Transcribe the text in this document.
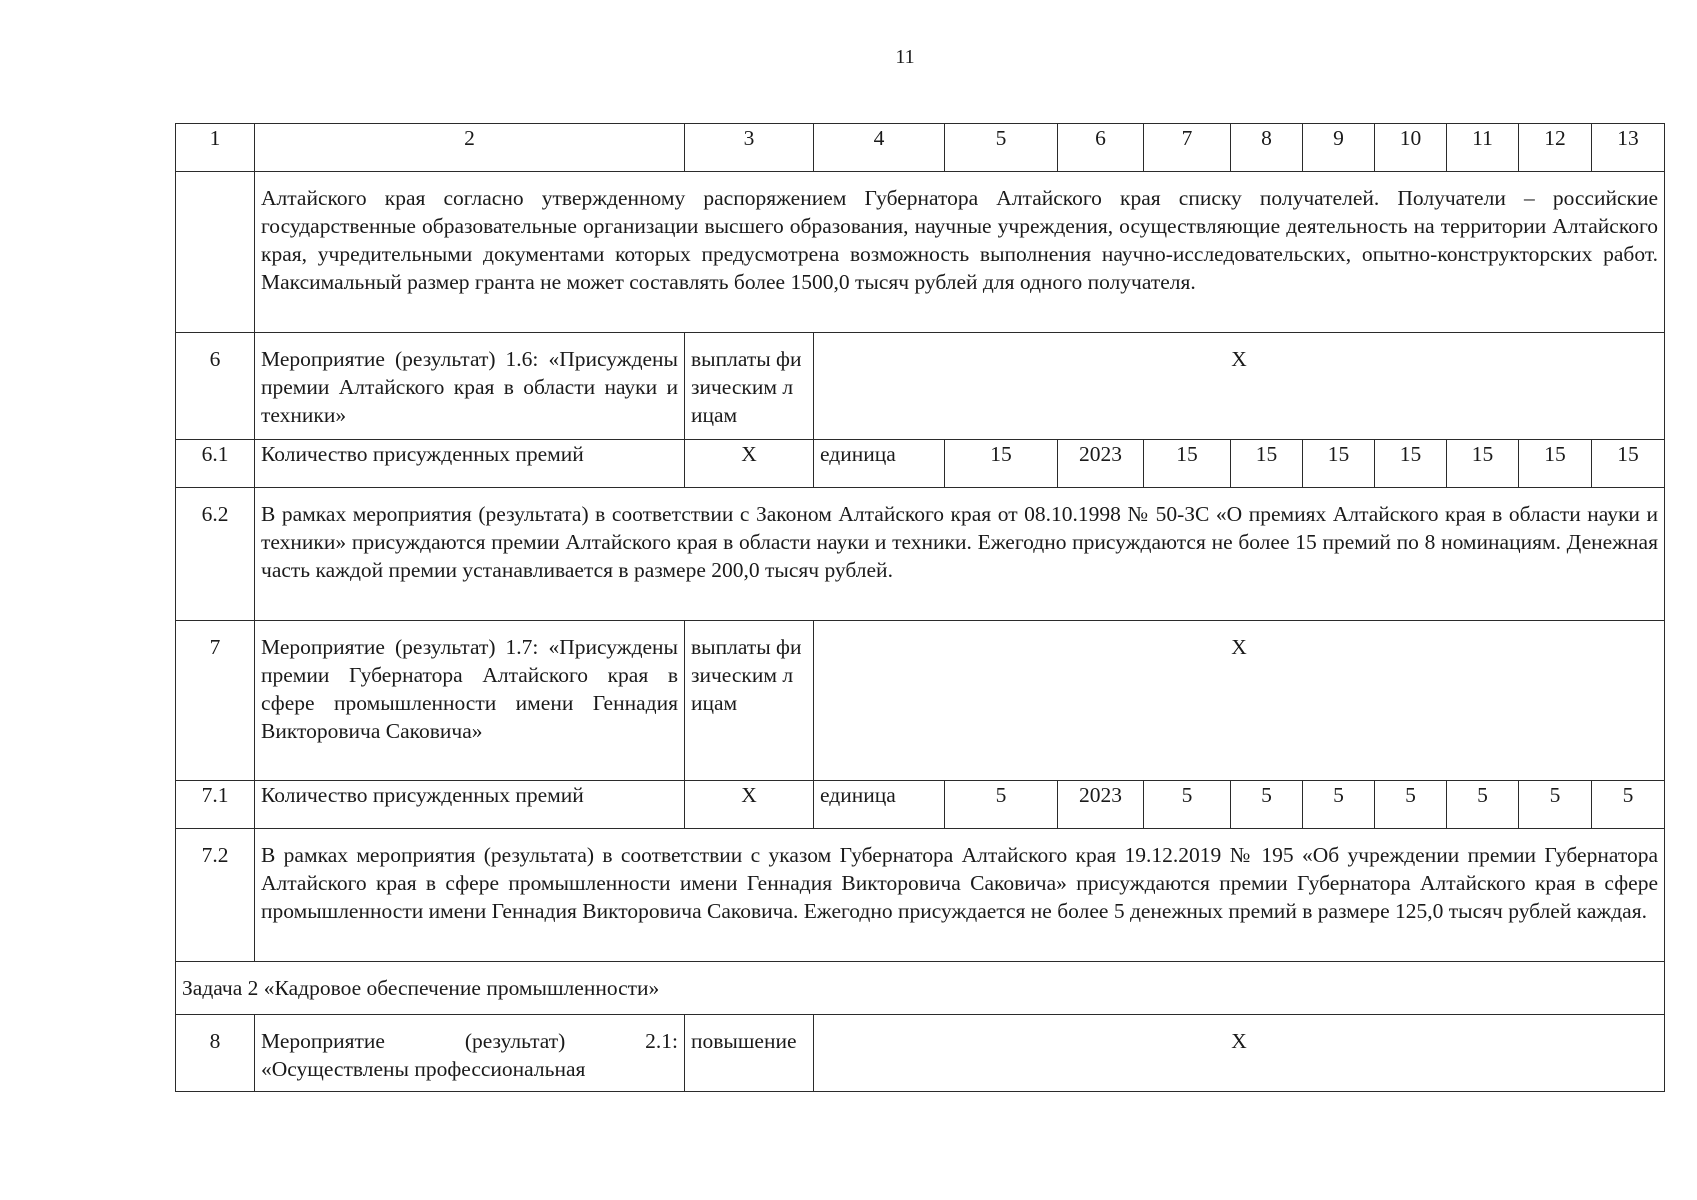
11
1	2	3	4	5	6	7	8	9	10	11	12	13
	Алтайского края согласно утвержденному распоряжением Губернатора Алтайского края списку получателей. Получатели – российские государственные образовательные организации высшего образования, научные учреждения, осуществляющие деятельность на территории Алтайского края, учредительными документами которых предусмотрена возможность выполнения научно-исследовательских, опытно-конструкторских работ. Максимальный размер гранта не может составлять более 1500,0 тысяч рублей для одного получателя.											
6	Мероприятие (результат) 1.6: «Присуждены премии Алтайского края в области науки и техники»	выплаты физическим лицам	Х									
6.1	Количество присужденных премий	Х	единица	15	2023	15	15	15	15	15	15	15
6.2	В рамках мероприятия (результата) в соответствии с Законом Алтайского края от 08.10.1998 № 50-ЗС «О премиях Алтайского края в области науки и техники» присуждаются премии Алтайского края в области науки и техники. Ежегодно присуждаются не более 15 премий по 8 номинациям. Денежная часть каждой премии устанавливается в размере 200,0 тысяч рублей.											
7	Мероприятие (результат) 1.7: «Присуждены премии Губернатора Алтайского края в сфере промышленности имени Геннадия Викторовича Саковича»	выплаты физическим лицам	Х									
7.1	Количество присужденных премий	Х	единица	5	2023	5	5	5	5	5	5	5
7.2	В рамках мероприятия (результата) в соответствии с указом Губернатора Алтайского края 19.12.2019 № 195 «Об учреждении премии Губернатора Алтайского края в сфере промышленности имени Геннадия Викторовича Саковича» присуждаются премии Губернатора Алтайского края в сфере промышленности имени Геннадия Викторовича Саковича. Ежегодно присуждается не более 5 денежных премий в размере 125,0 тысяч рублей каждая.											
Задача 2 «Кадровое обеспечение промышленности»												
8	Мероприятие (результат) 2.1: «Осуществлены профессиональная	повышение	Х									
